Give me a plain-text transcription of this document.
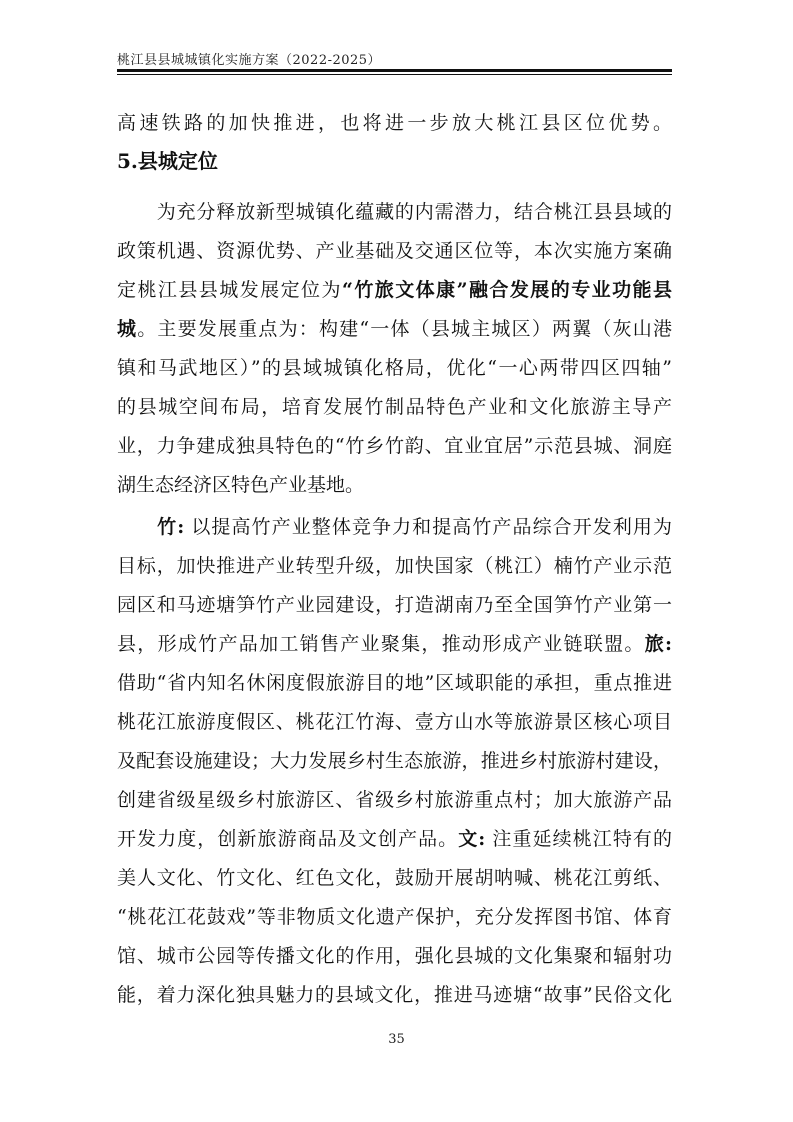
桃江县县城城镇化实施方案（2022-2025）
高速铁路的加快推进，也将进一步放大桃江县区位优势。
5.县城定位
　　为充分释放新型城镇化蕴藏的内需潜力，结合桃江县县域的
政策机遇、资源优势、产业基础及交通区位等，本次实施方案确
定桃江县县城发展定位为“竹旅文体康”融合发展的专业功能县
城。主要发展重点为：构建“一体（县城主城区）两翼（灰山港
镇和马武地区）”的县域城镇化格局，优化“一心两带四区四轴”
的县城空间布局，培育发展竹制品特色产业和文化旅游主导产
业，力争建成独具特色的“竹乡竹韵、宜业宜居”示范县城、洞庭
湖生态经济区特色产业基地。
　　竹: 以提高竹产业整体竞争力和提高竹产品综合开发利用为
目标，加快推进产业转型升级，加快国家（桃江）楠竹产业示范
园区和马迹塘笋竹产业园建设，打造湖南乃至全国笋竹产业第一
县，形成竹产品加工销售产业聚集，推动形成产业链联盟。旅:
借助“省内知名休闲度假旅游目的地”区域职能的承担，重点推进
桃花江旅游度假区、桃花江竹海、壹方山水等旅游景区核心项目
及配套设施建设；大力发展乡村生态旅游，推进乡村旅游村建设，
创建省级星级乡村旅游区、省级乡村旅游重点村；加大旅游产品
开发力度，创新旅游商品及文创产品。文: 注重延续桃江特有的
美人文化、竹文化、红色文化，鼓励开展胡呐喊、桃花江剪纸、
“桃花江花鼓戏”等非物质文化遗产保护，充分发挥图书馆、体育
馆、城市公园等传播文化的作用，强化县城的文化集聚和辐射功
能，着力深化独具魅力的县域文化，推进马迹塘“故事”民俗文化
35
